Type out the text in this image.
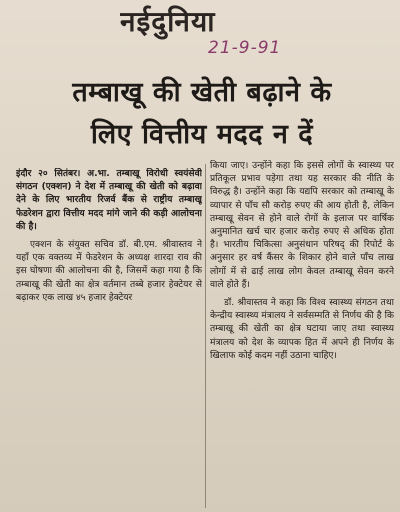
नईदुनिया
21-9-91
तम्बाखू की खेती बढ़ाने के
लिए वित्तीय मदद न दें

इंदौर २० सितंबर। अ.भा. तम्बाखू विरोधी स्वयंसेवी संगठन (एक्शन) ने देश में तम्बाखू की खेती को बढ़ावा देने के लिए भारतीय रिजर्व बैंक से राष्ट्रीय तम्बाखू फेडरेशन द्वारा वित्तीय मदद मांगे जाने की कड़ी आलोचना की है।

एक्शन के संयुक्त सचिव डॉ. बी.एम. श्रीवास्तव ने यहाँ एक वक्तव्य में फेडरेशन के अध्यक्ष शारदा राव की इस घोषणा की आलोचना की है, जिसमें कहा गया है कि तम्बाखू की खेती का क्षेत्र वर्तमान तब्बे हजार हेक्टेयर से बढ़ाकर एक लाख ४५ हजार हेक्टेयर

किया जाए। उन्होंने कहा कि इससे लोगों के स्वास्थ्य पर प्रतिकूल प्रभाव पड़ेगा तथा यह सरकार की नीति के विरुद्ध है। उन्होंने कहा कि यद्यपि सरकार को तम्बाखू के व्यापार से पाँच सौ करोड़ रुपए की आय होती है, लेकिन तम्बाखू सेवन से होने वाले रोगों के इलाज पर वार्षिक अनुमानित खर्च चार हजार करोड़ रुपए से अधिक होता है। भारतीय चिकित्सा अनुसंधान परिषद् की रिपोर्ट के अनुसार हर वर्ष कैंसर के शिकार होने वाले पाँच लाख लोगों में से ढाई लाख लोग केवल तम्बाखू सेवन करने वाले होते हैं।

डॉ. श्रीवास्तव ने कहा कि विश्व स्वास्थ्य संगठन तथा केन्द्रीय स्वास्थ्य मंत्रालय ने सर्वसम्मति से निर्णय की है कि तम्बाखू की खेती का क्षेत्र घटाया जाए तथा स्वास्थ्य मंत्रालय को देश के व्यापक हित में अपने ही निर्णय के खिलाफ कोई कदम नहीं उठाना चाहिए।
